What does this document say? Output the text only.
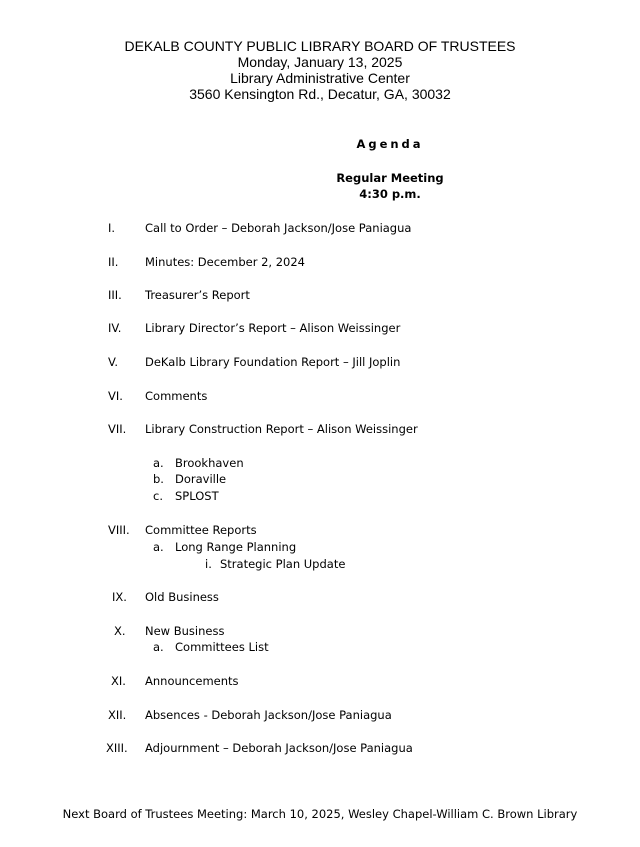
DEKALB COUNTY PUBLIC LIBRARY BOARD OF TRUSTEES
Monday, January 13, 2025
Library Administrative Center
3560 Kensington Rd., Decatur, GA, 30032
Agenda
Regular Meeting
4:30 p.m.
I.	Call to Order – Deborah Jackson/Jose Paniagua
II.	Minutes: December 2, 2024
III.	Treasurer’s Report
IV.	Library Director’s Report – Alison Weissinger
V.	DeKalb Library Foundation Report – Jill Joplin
VI.	Comments
VII.	Library Construction Report – Alison Weissinger
a. Brookhaven
b. Doraville
c. SPLOST
VIII.	Committee Reports
a. Long Range Planning
i. Strategic Plan Update
IX.	Old Business
X.	New Business
a. Committees List
XI.	Announcements
XII.	Absences - Deborah Jackson/Jose Paniagua
XIII.	Adjournment – Deborah Jackson/Jose Paniagua
Next Board of Trustees Meeting: March 10, 2025, Wesley Chapel-William C. Brown Library
